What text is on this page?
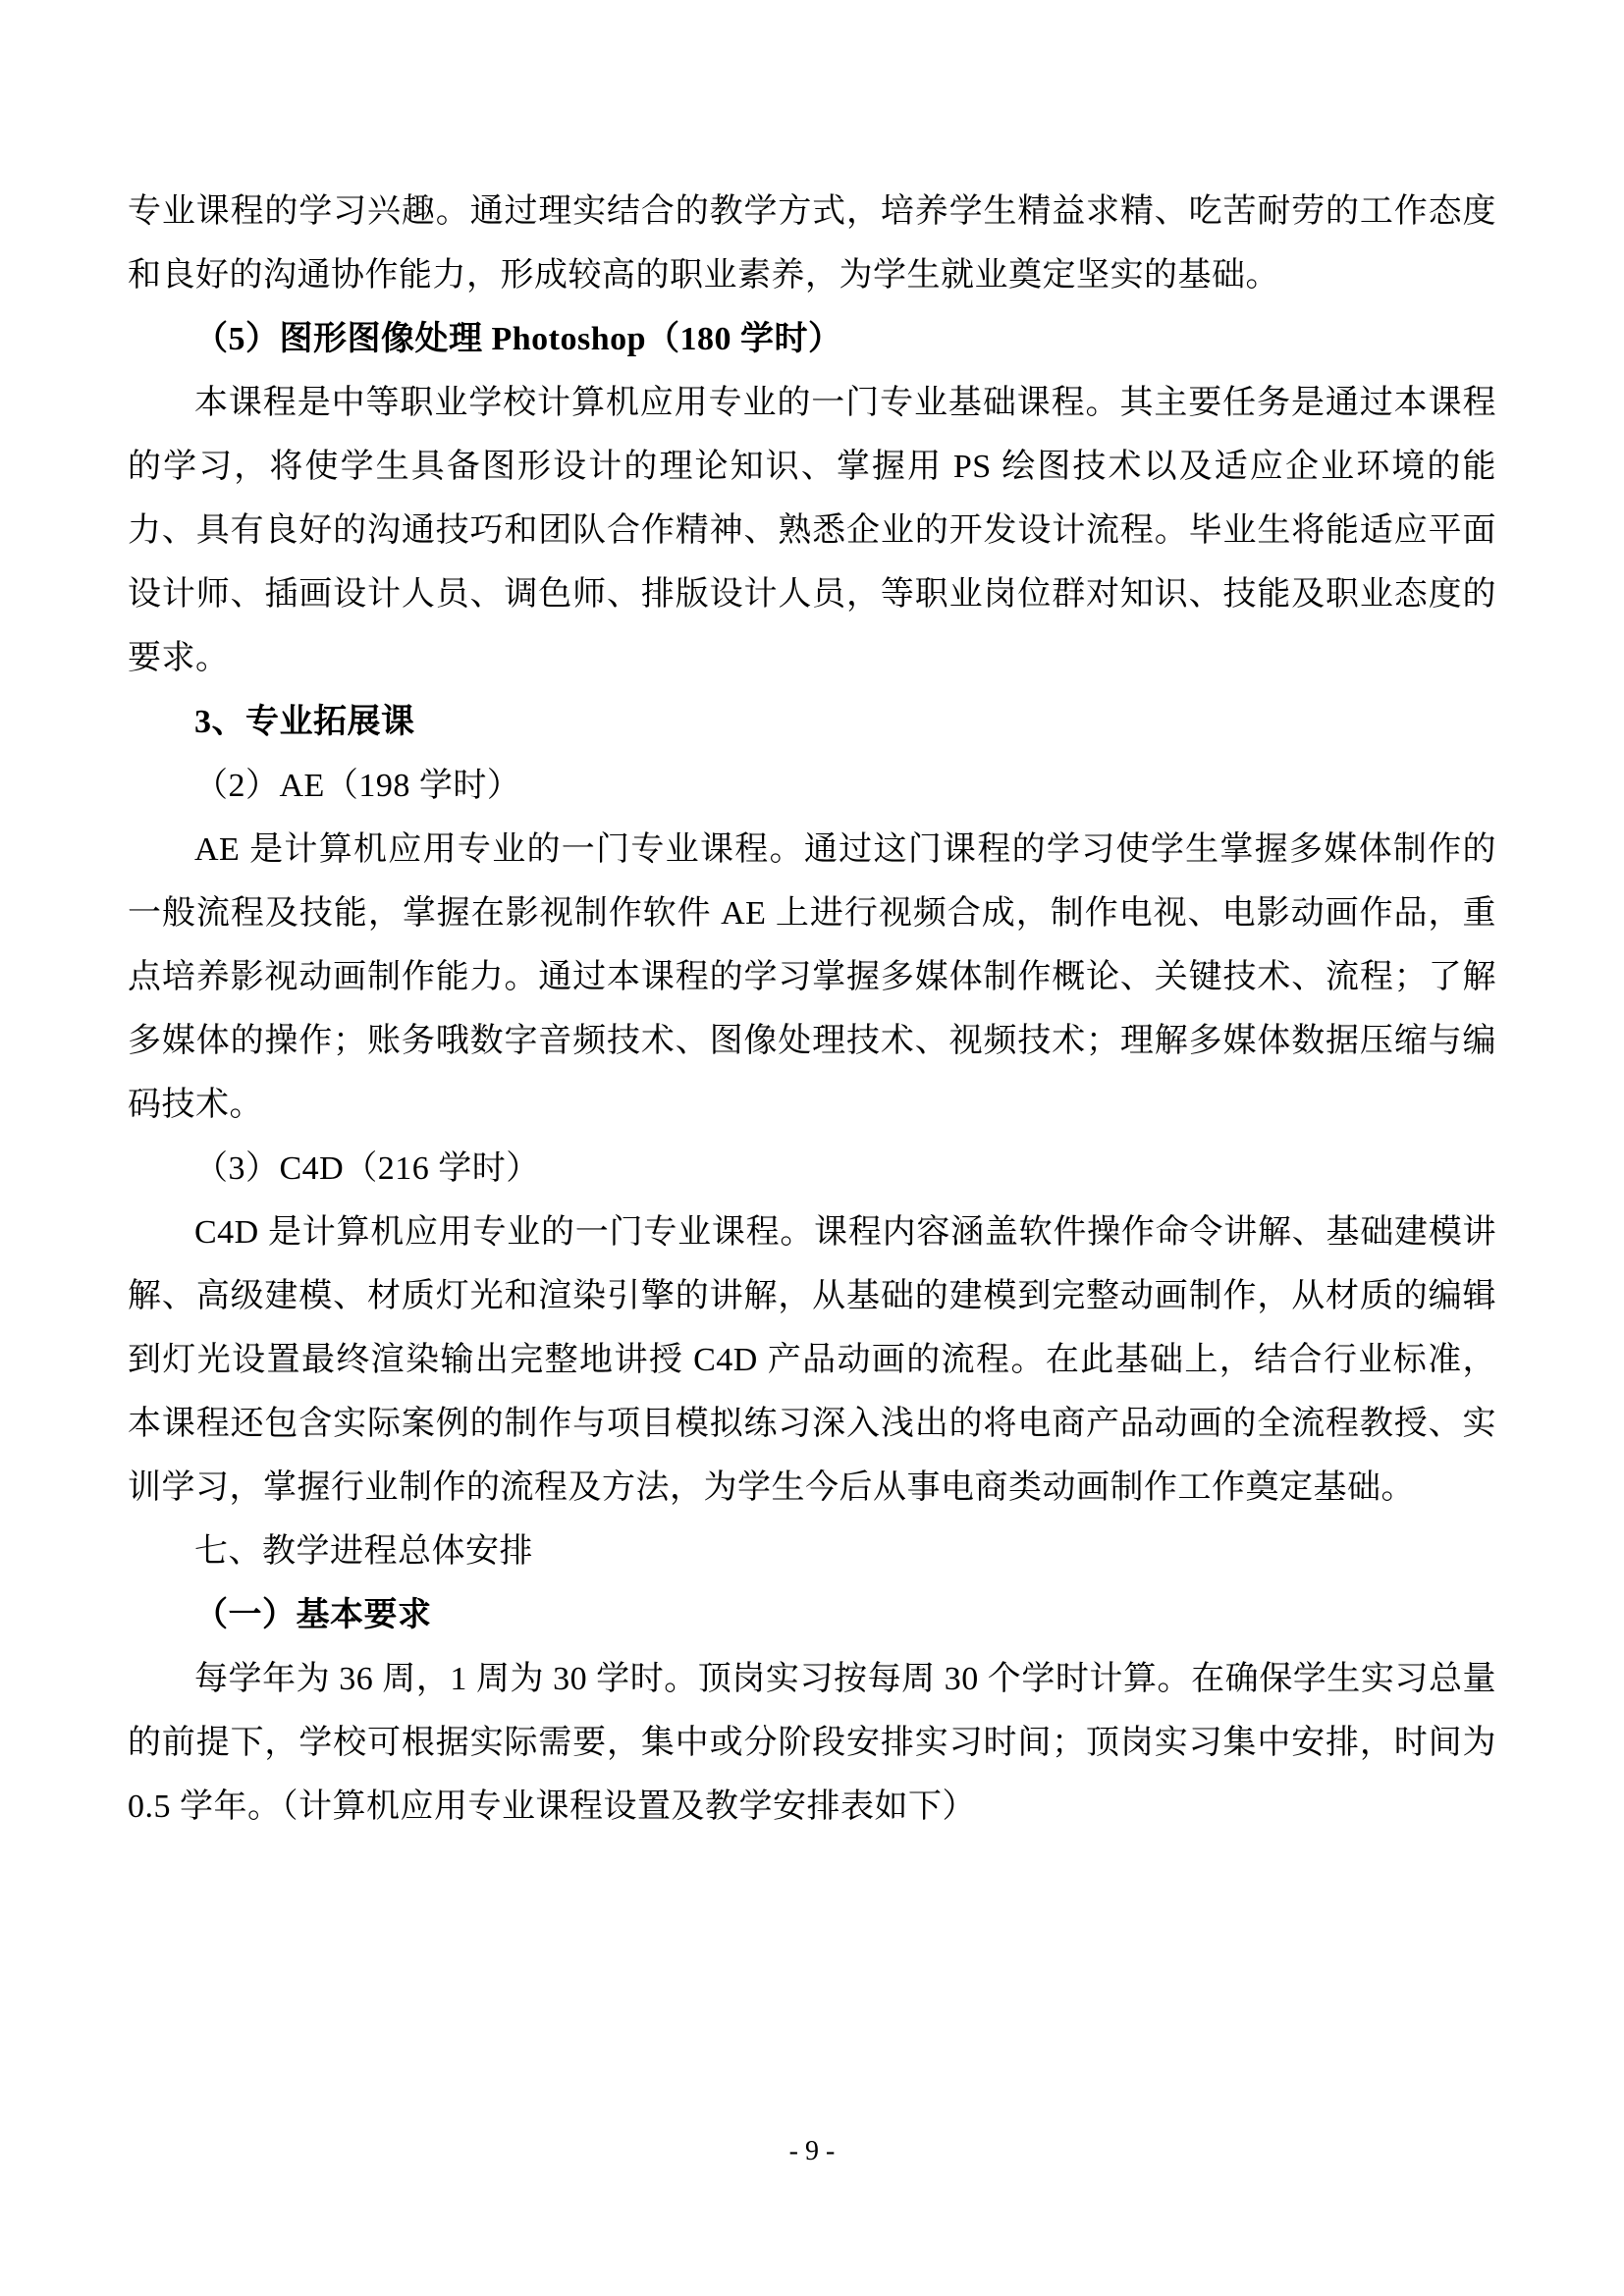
专业课程的学习兴趣。通过理实结合的教学方式，培养学生精益求精、吃苦耐劳的工作态度和良好的沟通协作能力，形成较高的职业素养，为学生就业奠定坚实的基础。

（5）图形图像处理 Photoshop（180 学时）

本课程是中等职业学校计算机应用专业的一门专业基础课程。其主要任务是通过本课程的学习，将使学生具备图形设计的理论知识、掌握用 PS 绘图技术以及适应企业环境的能力、具有良好的沟通技巧和团队合作精神、熟悉企业的开发设计流程。毕业生将能适应平面设计师、插画设计人员、调色师、排版设计人员，等职业岗位群对知识、技能及职业态度的要求。

3、专业拓展课

（2）AE（198 学时）

AE 是计算机应用专业的一门专业课程。通过这门课程的学习使学生掌握多媒体制作的一般流程及技能，掌握在影视制作软件 AE 上进行视频合成，制作电视、电影动画作品，重点培养影视动画制作能力。通过本课程的学习掌握多媒体制作概论、关键技术、流程；了解多媒体的操作；账务哦数字音频技术、图像处理技术、视频技术；理解多媒体数据压缩与编码技术。

（3）C4D（216 学时）

C4D 是计算机应用专业的一门专业课程。课程内容涵盖软件操作命令讲解、基础建模讲解、高级建模、材质灯光和渲染引擎的讲解，从基础的建模到完整动画制作，从材质的编辑到灯光设置最终渲染输出完整地讲授 C4D 产品动画的流程。在此基础上，结合行业标准，本课程还包含实际案例的制作与项目模拟练习深入浅出的将电商产品动画的全流程教授、实训学习，掌握行业制作的流程及方法，为学生今后从事电商类动画制作工作奠定基础。

七、教学进程总体安排

（一）基本要求

每学年为 36 周，1 周为 30 学时。顶岗实习按每周 30 个学时计算。在确保学生实习总量的前提下，学校可根据实际需要，集中或分阶段安排实习时间；顶岗实习集中安排，时间为 0.5 学年。（计算机应用专业课程设置及教学安排表如下）

- 9 -
